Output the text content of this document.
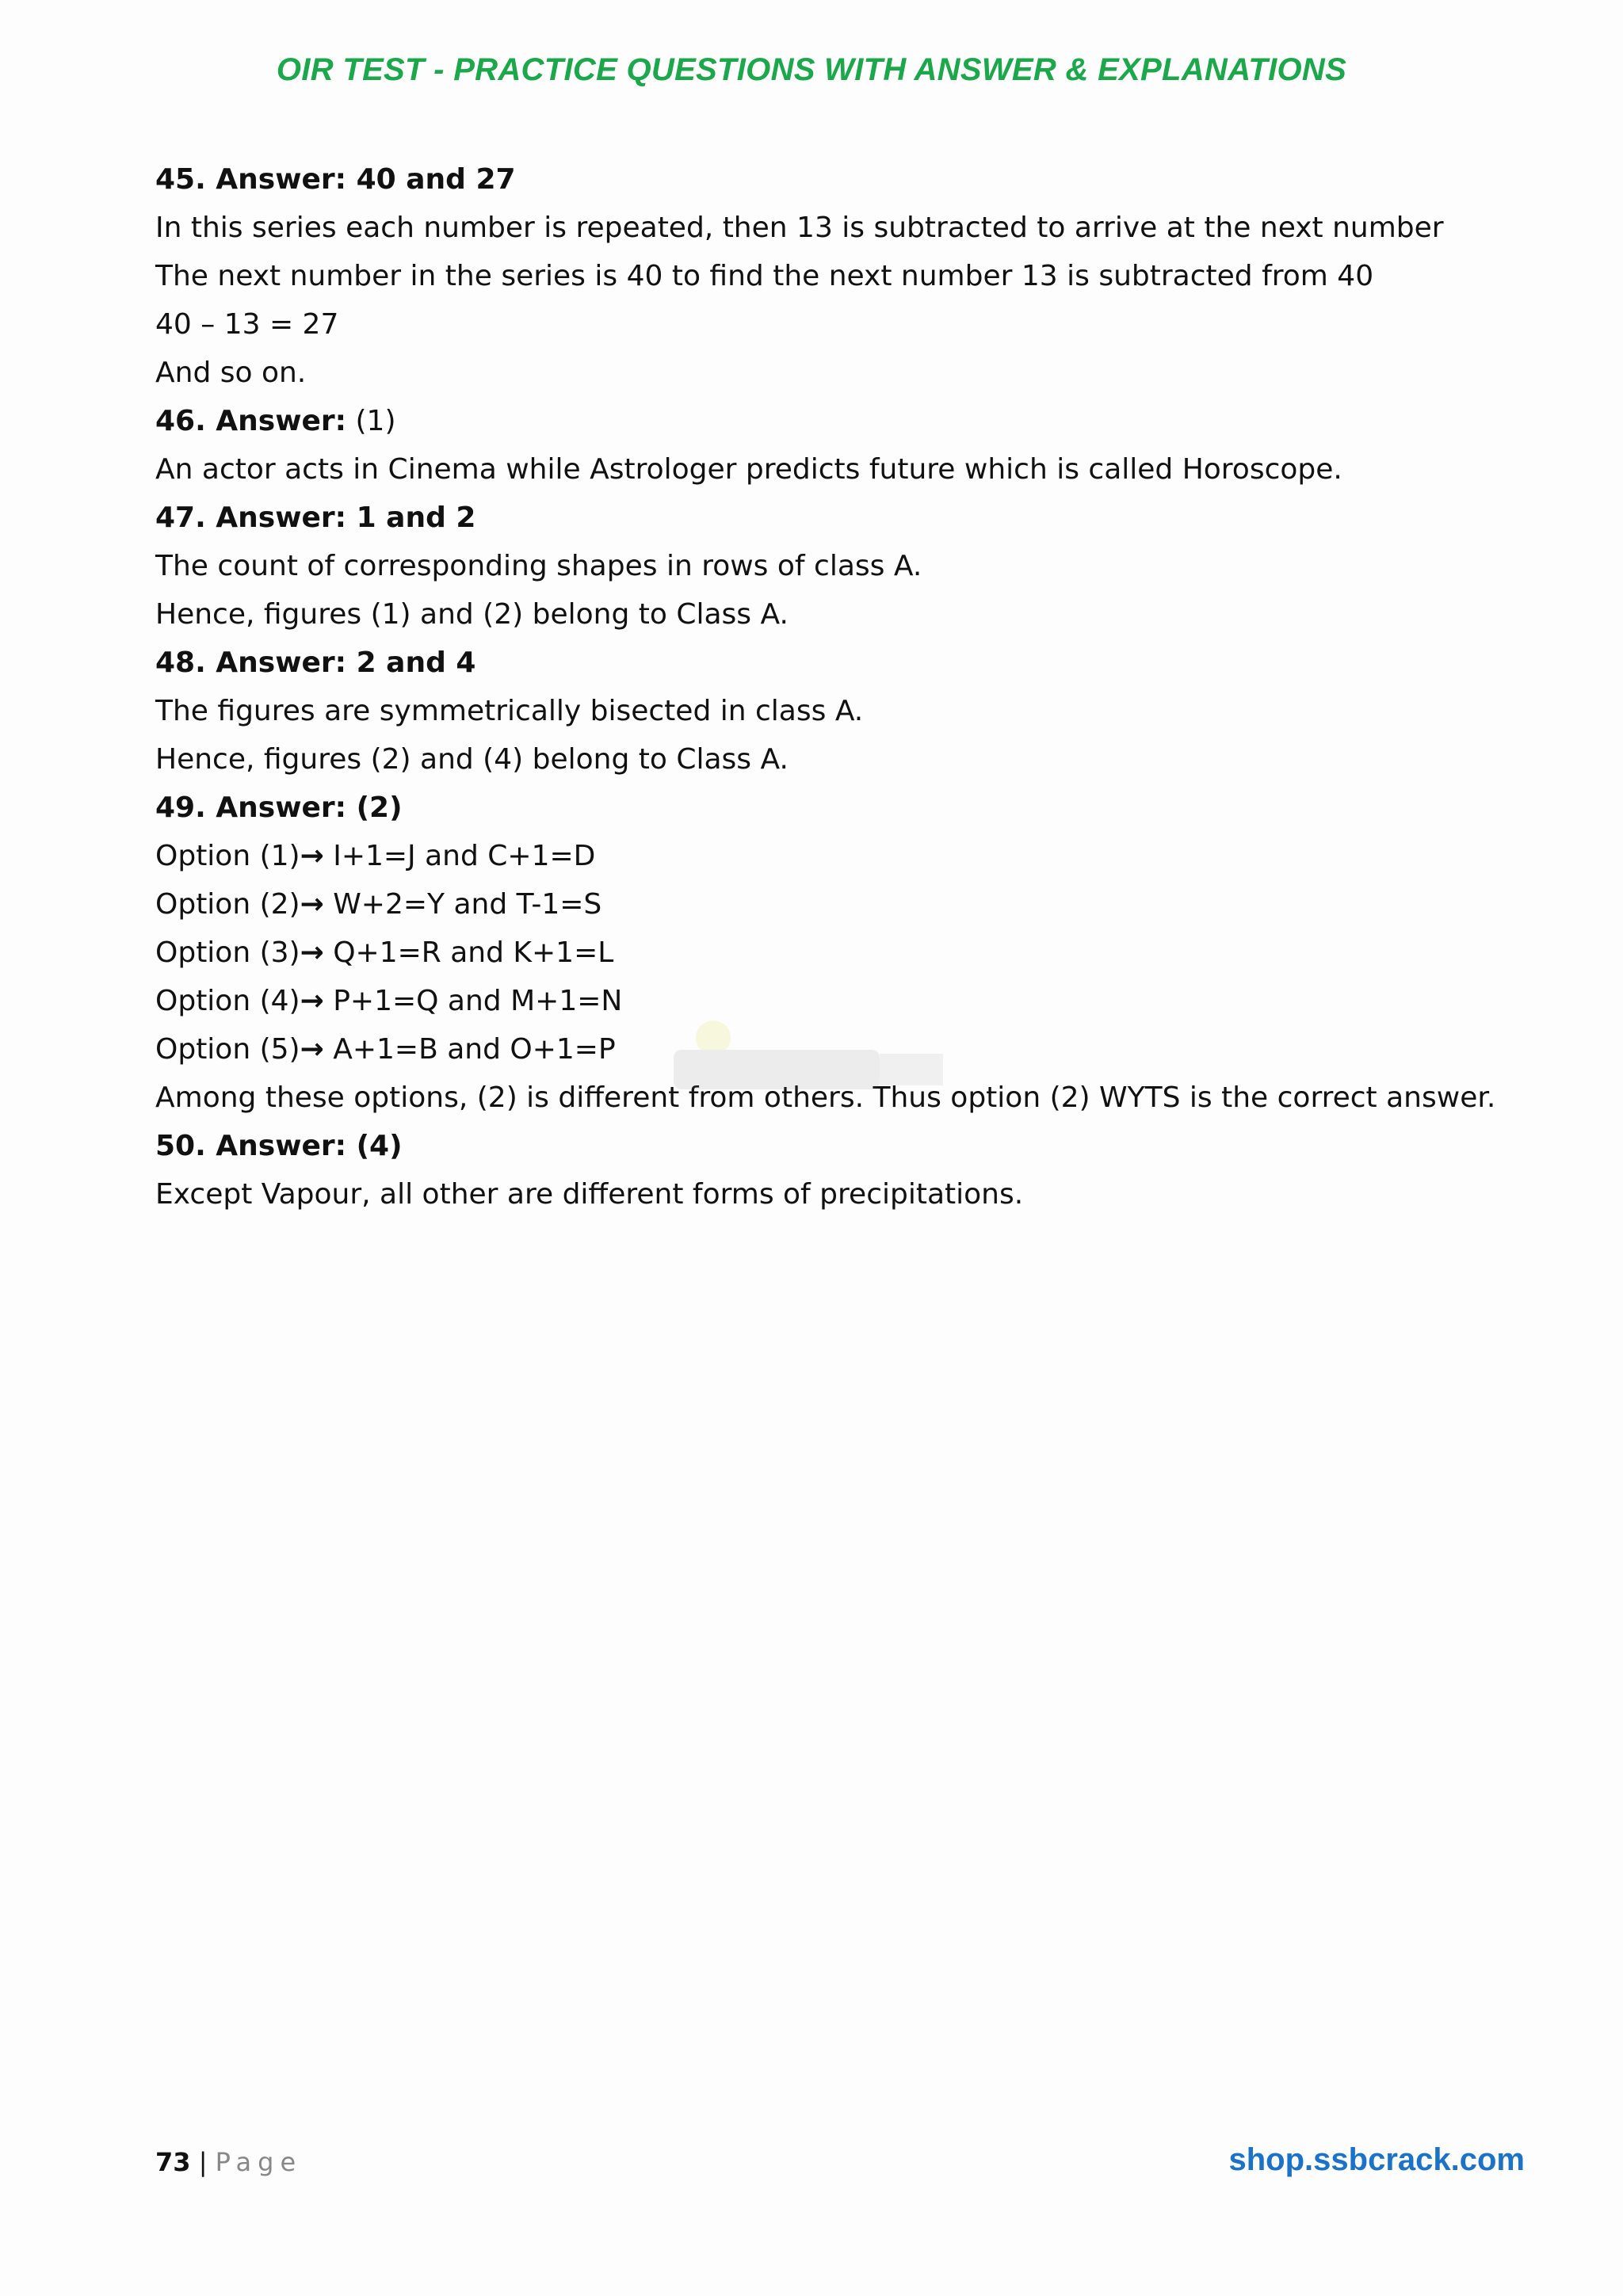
OIR TEST - PRACTICE QUESTIONS WITH ANSWER & EXPLANATIONS
45. Answer: 40 and 27
In this series each number is repeated, then 13 is subtracted to arrive at the next number
The next number in the series is 40 to find the next number 13 is subtracted from 40
40 – 13 = 27
And so on.
46. Answer: (1)
An actor acts in Cinema while Astrologer predicts future which is called Horoscope.
47. Answer: 1 and 2
The count of corresponding shapes in rows of class A.
Hence, figures (1) and (2) belong to Class A.
48. Answer: 2 and 4
The figures are symmetrically bisected in class A.
Hence, figures (2) and (4) belong to Class A.
49. Answer: (2)
Option (1)→ I+1=J and C+1=D
Option (2)→ W+2=Y and T-1=S
Option (3)→ Q+1=R and K+1=L
Option (4)→ P+1=Q and M+1=N
Option (5)→ A+1=B and O+1=P
Among these options, (2) is different from others. Thus option (2) WYTS is the correct answer.
50. Answer: (4)
Except Vapour, all other are different forms of precipitations.
73 | Page	shop.ssbcrack.com
